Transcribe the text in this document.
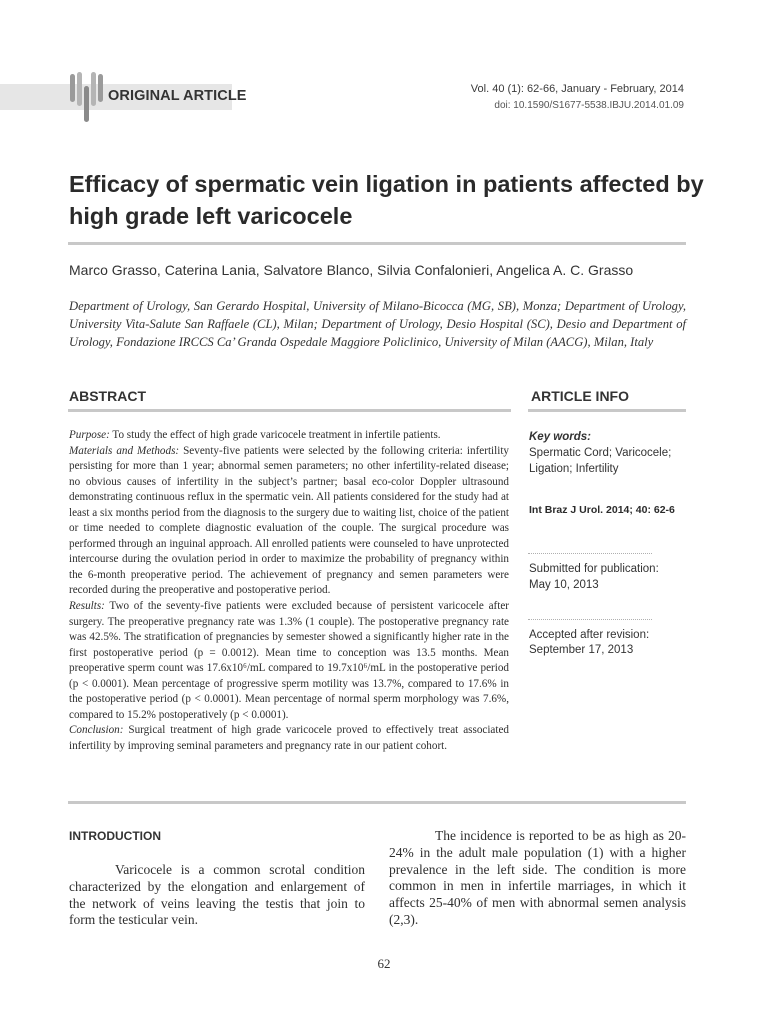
ORIGINAL ARTICLE	Vol. 40 (1): 62-66, January - February, 2014
doi: 10.1590/S1677-5538.IBJU.2014.01.09
Efficacy of spermatic vein ligation in patients affected by high grade left varicocele
Marco Grasso, Caterina Lania, Salvatore Blanco, Silvia Confalonieri, Angelica A. C. Grasso
Department of Urology, San Gerardo Hospital, University of Milano-Bicocca (MG, SB), Monza; Department of Urology, University Vita-Salute San Raffaele (CL), Milan; Department of Urology, Desio Hospital (SC), Desio and Department of Urology, Fondazione IRCCS Ca’ Granda Ospedale Maggiore Policlinico, University of Milan (AACG), Milan, Italy
ABSTRACT	ARTICLE INFO

Purpose: To study the effect of high grade varicocele treatment in infertile patients.

Materials and Methods: Seventy-five patients were selected by the following criteria: infertility persisting for more than 1 year; abnormal semen parameters; no other infertility-related disease; no obvious causes of infertility in the subject’s partner; basal eco-color Doppler ultrasound demonstrating continuous reflux in the spermatic vein. All patients considered for the study had at least a six months period from the diagnosis to the surgery due to waiting list, choice of the patient or time needed to complete diagnostic evaluation of the couple. The surgical procedure was performed through an inguinal approach. All enrolled patients were counseled to have unprotected intercourse during the ovulation period in order to maximize the probability of pregnancy within the 6-month preoperative period. The achievement of pregnancy and semen parameters were recorded during the preoperative and postoperative period.

Results: Two of the seventy-five patients were excluded because of persistent varicocele after surgery. The preoperative pregnancy rate was 1.3% (1 couple). The postoperative pregnancy rate was 42.5%. The stratification of pregnancies by semester showed a significantly higher rate in the first postoperative period (p = 0.0012). Mean time to conception was 13.5 months. Mean preoperative sperm count was 17.6x10⁶/mL compared to 19.7x10⁶/mL in the postoperative period (p < 0.0001). Mean percentage of progressive sperm motility was 13.7%, compared to 17.6% in the postoperative period (p < 0.0001). Mean percentage of normal sperm morphology was 7.6%, compared to 15.2% postoperatively (p < 0.0001).

Conclusion: Surgical treatment of high grade varicocele proved to effectively treat associated infertility by improving seminal parameters and pregnancy rate in our patient cohort.

Key words:
Spermatic Cord; Varicocele; Ligation; Infertility
Int Braz J Urol. 2014; 40: 62-6
Submitted for publication:
May 10, 2013
Accepted after revision:
September 17, 2013
INTRODUCTION
Varicocele is a common scrotal condition characterized by the elongation and enlargement of the network of veins leaving the testis that join to form the testicular vein.
The incidence is reported to be as high as 20-24% in the adult male population (1) with a higher prevalence in the left side. The condition is more common in men in infertile marriages, in which it affects 25-40% of men with abnormal semen analysis (2,3).
62
